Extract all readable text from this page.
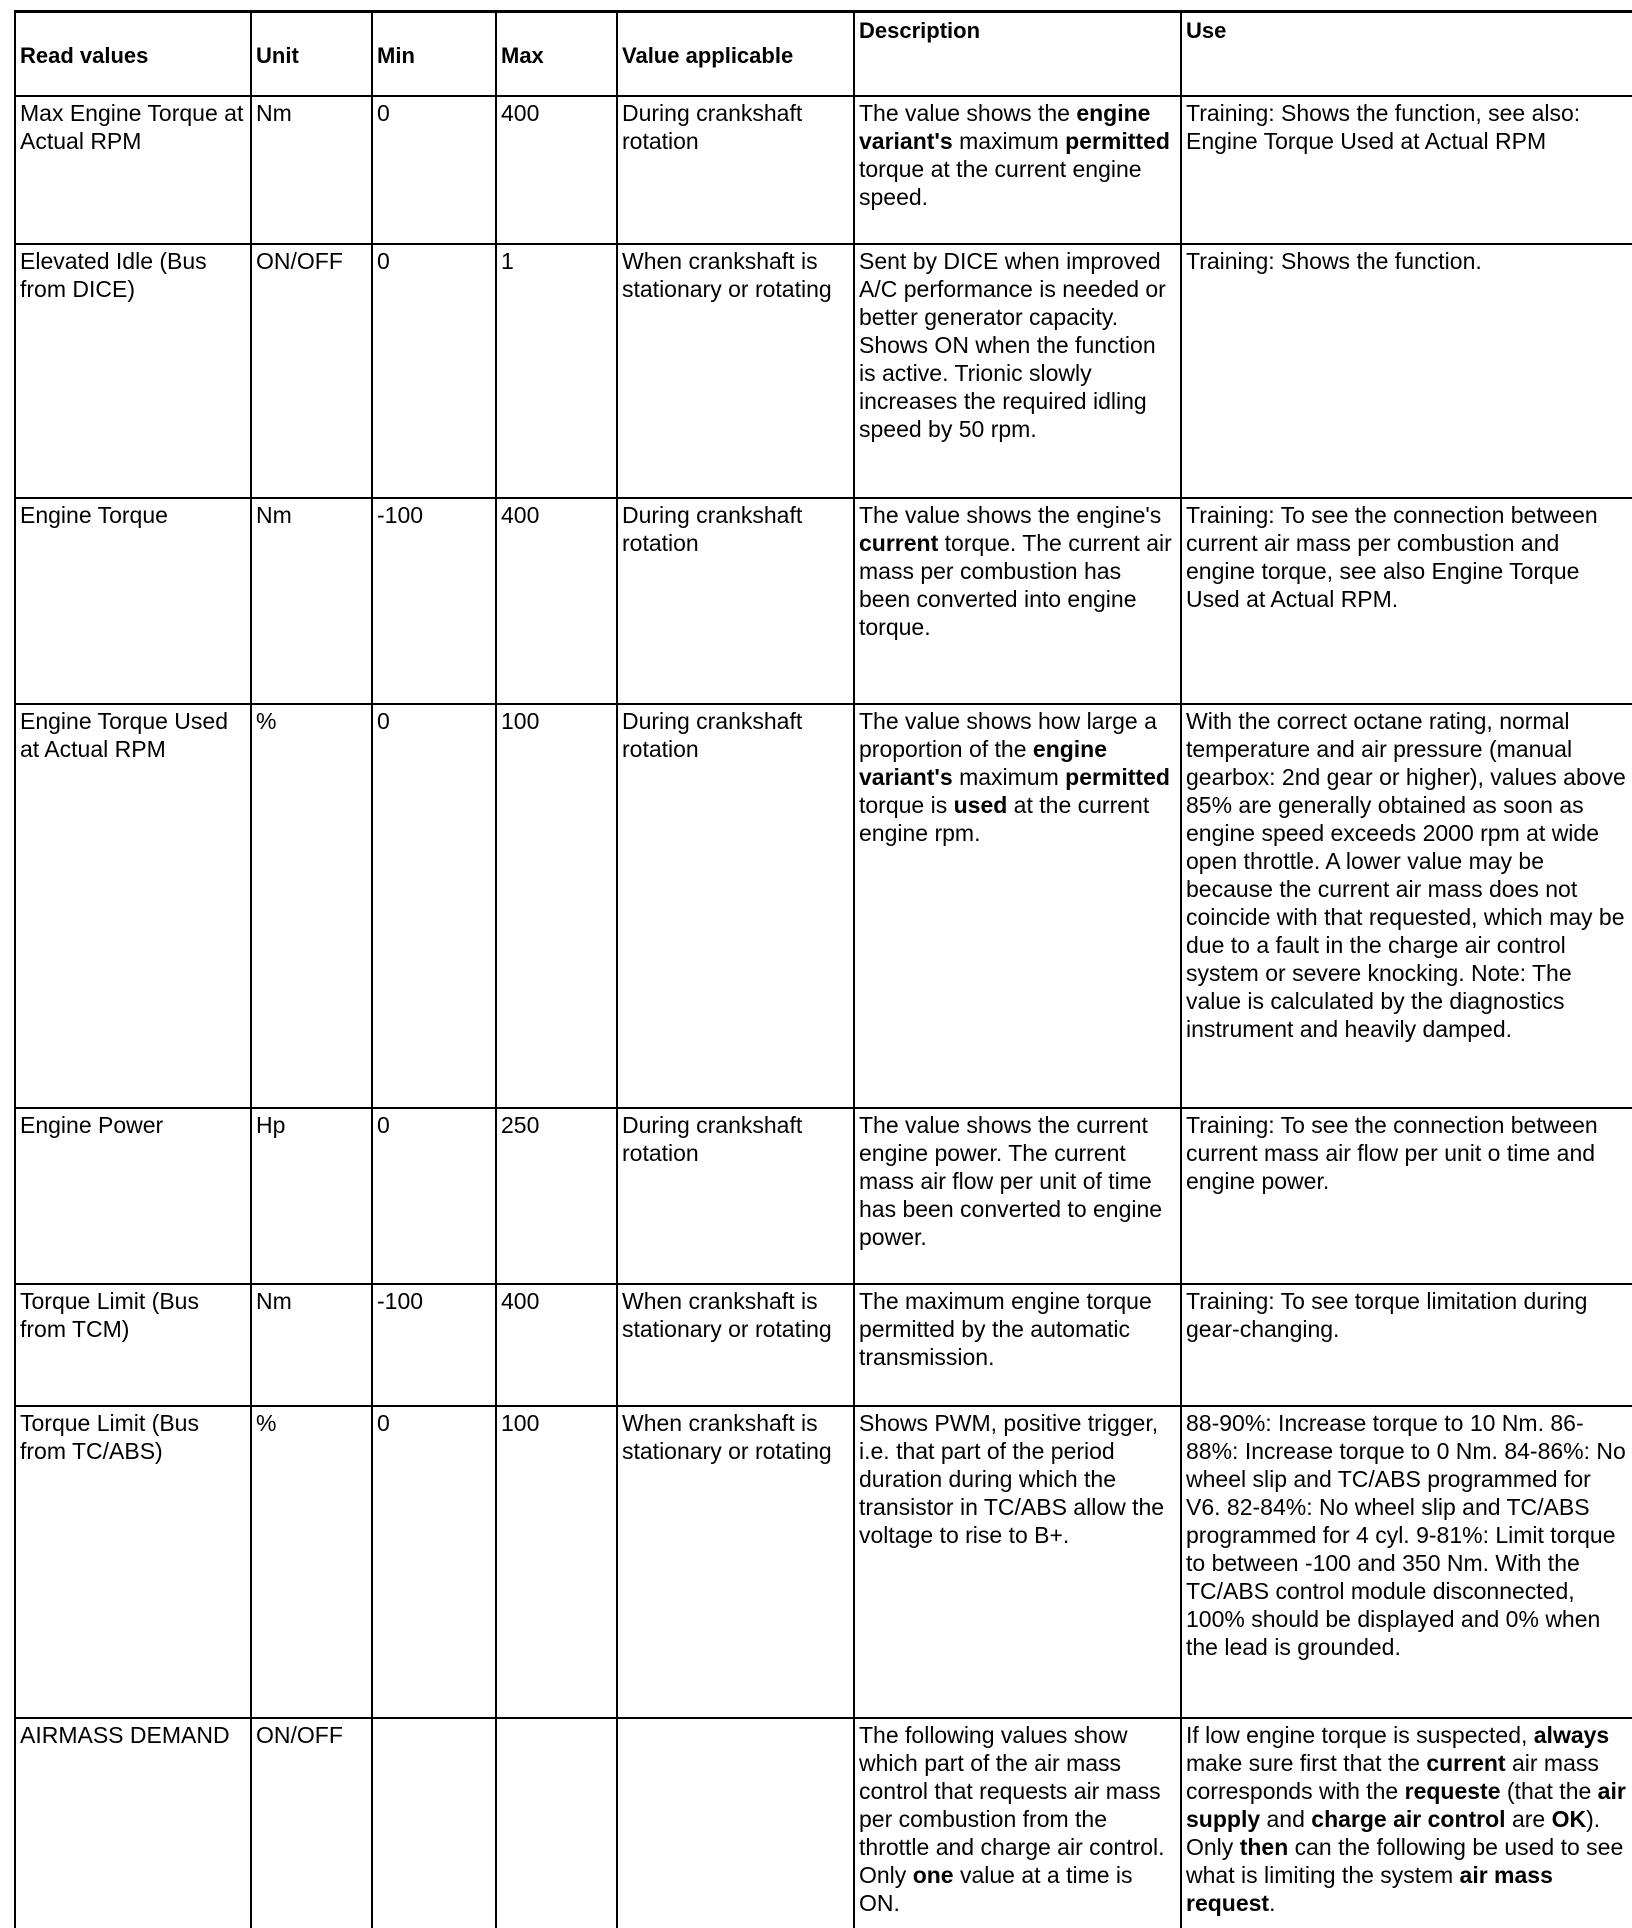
Read values	Unit	Min	Max	Value applicable	Description	Use
Max Engine Torque at Actual RPM	Nm	0	400	During crankshaft rotation	The value shows the engine variant's maximum permitted torque at the current engine speed.	Training: Shows the function, see also: Engine Torque Used at Actual RPM
Elevated Idle (Bus from DICE)	ON/OFF	0	1	When crankshaft is stationary or rotating	Sent by DICE when improved A/C performance is needed or better generator capacity. Shows ON when the function is active. Trionic slowly increases the required idling speed by 50 rpm.	Training: Shows the function.
Engine Torque	Nm	-100	400	During crankshaft rotation	The value shows the engine's current torque. The current air mass per combustion has been converted into engine torque.	Training: To see the connection between current air mass per combustion and engine torque, see also Engine Torque Used at Actual RPM.
Engine Torque Used at Actual RPM	%	0	100	During crankshaft rotation	The value shows how large a proportion of the engine variant's maximum permitted torque is used at the current engine rpm.	With the correct octane rating, normal temperature and air pressure (manual gearbox: 2nd gear or higher), values above 85% are generally obtained as soon as engine speed exceeds 2000 rpm at wide open throttle. A lower value may be because the current air mass does not coincide with that requested, which may be due to a fault in the charge air control system or severe knocking. Note: The value is calculated by the diagnostics instrument and heavily damped.
Engine Power	Hp	0	250	During crankshaft rotation	The value shows the current engine power. The current mass air flow per unit of time has been converted to engine power.	Training: To see the connection between current mass air flow per unit o time and engine power.
Torque Limit (Bus from TCM)	Nm	-100	400	When crankshaft is stationary or rotating	The maximum engine torque permitted by the automatic transmission.	Training: To see torque limitation during gear-changing.
Torque Limit (Bus from TC/ABS)	%	0	100	When crankshaft is stationary or rotating	Shows PWM, positive trigger, i.e. that part of the period duration during which the transistor in TC/ABS allow the voltage to rise to B+.	88-90%: Increase torque to 10 Nm. 86-88%: Increase torque to 0 Nm. 84-86%: No wheel slip and TC/ABS programmed for V6. 82-84%: No wheel slip and TC/ABS programmed for 4 cyl. 9-81%: Limit torque to between -100 and 350 Nm. With the TC/ABS control module disconnected, 100% should be displayed and 0% when the lead is grounded.
AIRMASS DEMAND	ON/OFF				The following values show which part of the air mass control that requests air mass per combustion from the throttle and charge air control. Only one value at a time is ON.	If low engine torque is suspected, always make sure first that the current air mass corresponds with the requeste (that the air supply and charge air control are OK). Only then can the following be used to see what is limiting the system air mass request.
